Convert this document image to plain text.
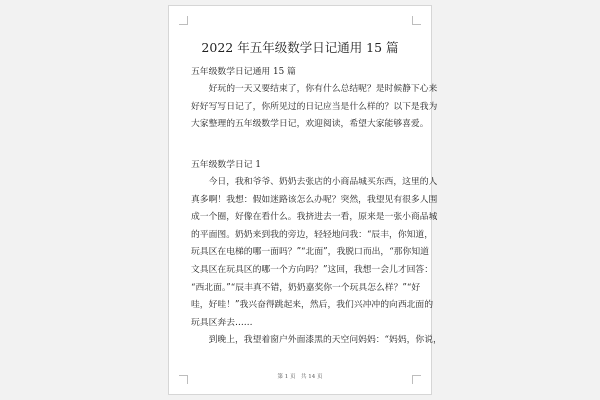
2022 年五年级数学日记通用 15 篇
五年级数学日记通用 15 篇
　　好玩的一天又要结束了，你有什么总结呢？是时候静下心来
好好写写日记了，你所见过的日记应当是什么样的？以下是我为
大家整理的五年级数学日记，欢迎阅读，希望大家能够喜爱。
五年级数学日记 1
　　今日，我和爷爷、奶奶去张店的小商品城买东西，这里的人
真多啊！我想：假如迷路该怎么办呢？突然，我望见有很多人围
成一个圈，好像在看什么。我挤进去一看，原来是一张小商品城
的平面图。奶奶来到我的旁边，轻轻地问我：“辰丰，你知道，
玩具区在电梯的哪一面吗？”“北面”，我脱口而出，“那你知道
文具区在玩具区的哪一个方向吗？”这回，我想一会儿才回答：
“西北面。”“辰丰真不错，奶奶嘉奖你一个玩具怎么样？”“好
哇，好哇！”我兴奋得跳起来，然后，我们兴冲冲的向西北面的
玩具区奔去……
　　到晚上，我望着窗户外面漆黑的天空问妈妈：“妈妈，你说，
第 1 页　共 14 页
